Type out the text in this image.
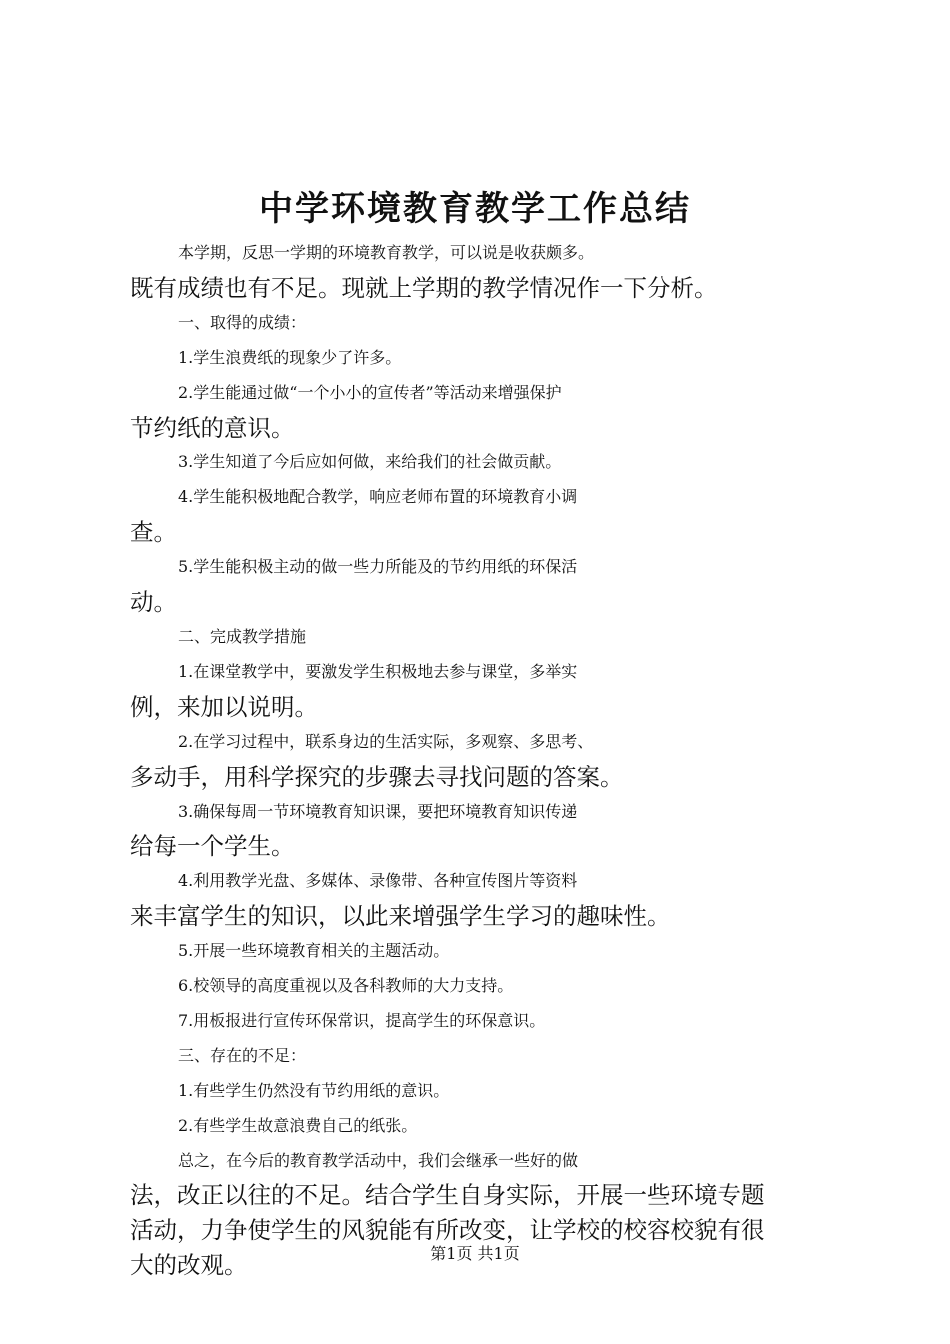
中学环境教育教学工作总结
本学期，反思一学期的环境教育教学，可以说是收获颇多。
既有成绩也有不足。现就上学期的教学情况作一下分析。
一、取得的成绩：
1.学生浪费纸的现象少了许多。
2.学生能通过做“一个小小的宣传者”等活动来增强保护
节约纸的意识。
3.学生知道了今后应如何做，来给我们的社会做贡献。
4.学生能积极地配合教学，响应老师布置的环境教育小调
查。
5.学生能积极主动的做一些力所能及的节约用纸的环保活
动。
二、完成教学措施
1.在课堂教学中，要激发学生积极地去参与课堂，多举实
例，来加以说明。
2.在学习过程中，联系身边的生活实际，多观察、多思考、
多动手，用科学探究的步骤去寻找问题的答案。
3.确保每周一节环境教育知识课，要把环境教育知识传递
给每一个学生。
4.利用教学光盘、多媒体、录像带、各种宣传图片等资料
来丰富学生的知识，以此来增强学生学习的趣味性。
5.开展一些环境教育相关的主题活动。
6.校领导的高度重视以及各科教师的大力支持。
7.用板报进行宣传环保常识，提高学生的环保意识。
三、存在的不足：
1.有些学生仍然没有节约用纸的意识。
2.有些学生故意浪费自己的纸张。
总之，在今后的教育教学活动中，我们会继承一些好的做
法，改正以往的不足。结合学生自身实际，开展一些环境专题
活动，力争使学生的风貌能有所改变，让学校的校容校貌有很
大的改观。	第1页 共1页
